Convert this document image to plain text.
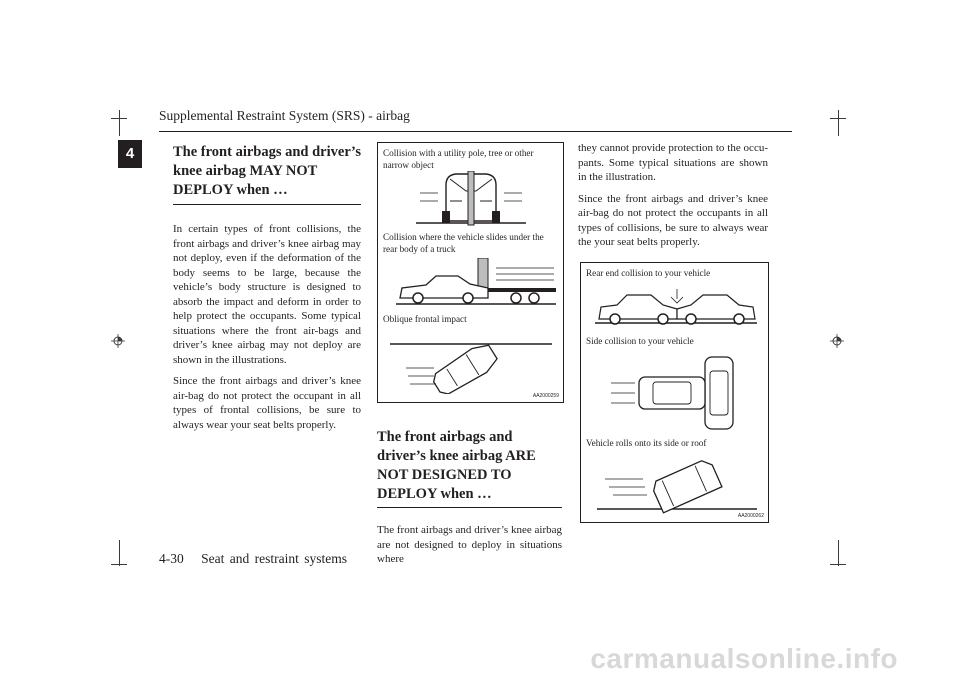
Supplemental Restraint System (SRS) - airbag
4	The front airbags and driver’s knee airbag MAY NOT DEPLOY when …

In certain types of front collisions, the front airbags and driver’s knee airbag may not deploy, even if the deformation of the body seems to be large, because the vehicle’s body structure is designed to absorb the impact and deform in order to help protect the occupants. Some typical situations where the front air-bags and driver’s knee airbag may not deploy are shown in the illustrations.

Since the front airbags and driver’s knee air-bag do not protect the occupant in all types of frontal collisions, be sure to always wear your seat belts properly.

Collision with a utility pole, tree or other narrow object
Collision where the vehicle slides under the rear body of a truck
Oblique frontal impact
AA2000259
The front airbags and driver’s knee airbag ARE NOT DESIGNED TO DEPLOY when …

The front airbags and driver’s knee airbag are not designed to deploy in situations where

they cannot provide protection to the occu-pants. Some typical situations are shown in the illustration.

Since the front airbags and driver’s knee air-bag do not protect the occupants in all types of collisions, be sure to always wear the your seat belts properly.

Rear end collision to your vehicle
Side collision to your vehicle
Vehicle rolls onto its side or roof
AA2000262
4-30 Seat and restraint systems
carmanualsonline.info
